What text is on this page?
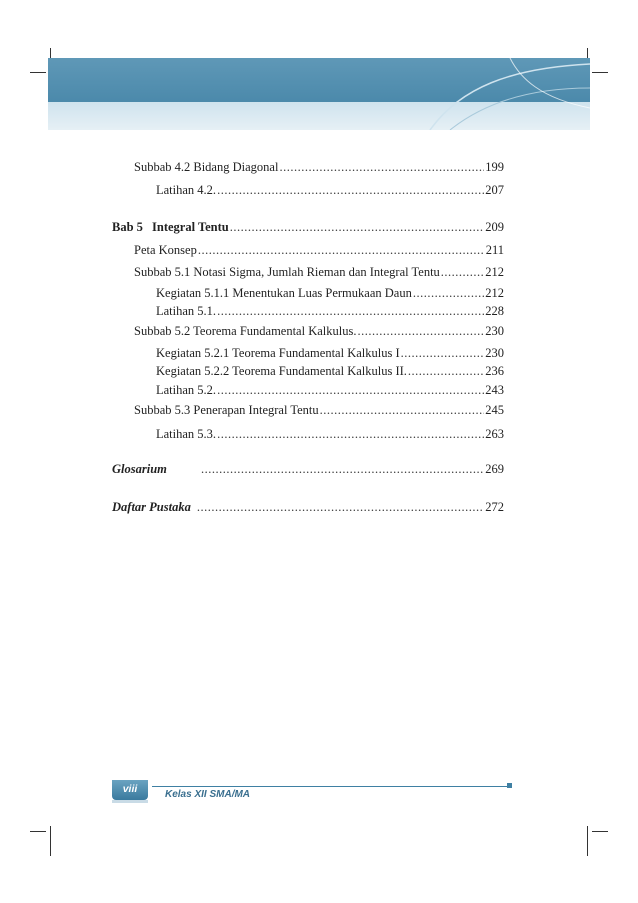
Subbab 4.2 Bidang Diagonal .....	199
Latihan 4.2. .....	207
Bab 5 Integral Tentu .....	209
Peta Konsep .....	211
Subbab 5.1 Notasi Sigma, Jumlah Rieman dan Integral Tentu .....	212
Kegiatan 5.1.1 Menentukan Luas Permukaan Daun .....	212
Latihan 5.1. .....	228
Subbab 5.2 Teorema Fundamental Kalkulus. .....	230
Kegiatan 5.2.1 Teorema Fundamental Kalkulus I .....	230
Kegiatan 5.2.2 Teorema Fundamental Kalkulus II. .....	236
Latihan 5.2. .....	243
Subbab 5.3 Penerapan Integral Tentu .....	245
Latihan 5.3. .....	263
Glosarium .....	269
Daftar Pustaka .....	272
viii	Kelas XII SMA/MA
